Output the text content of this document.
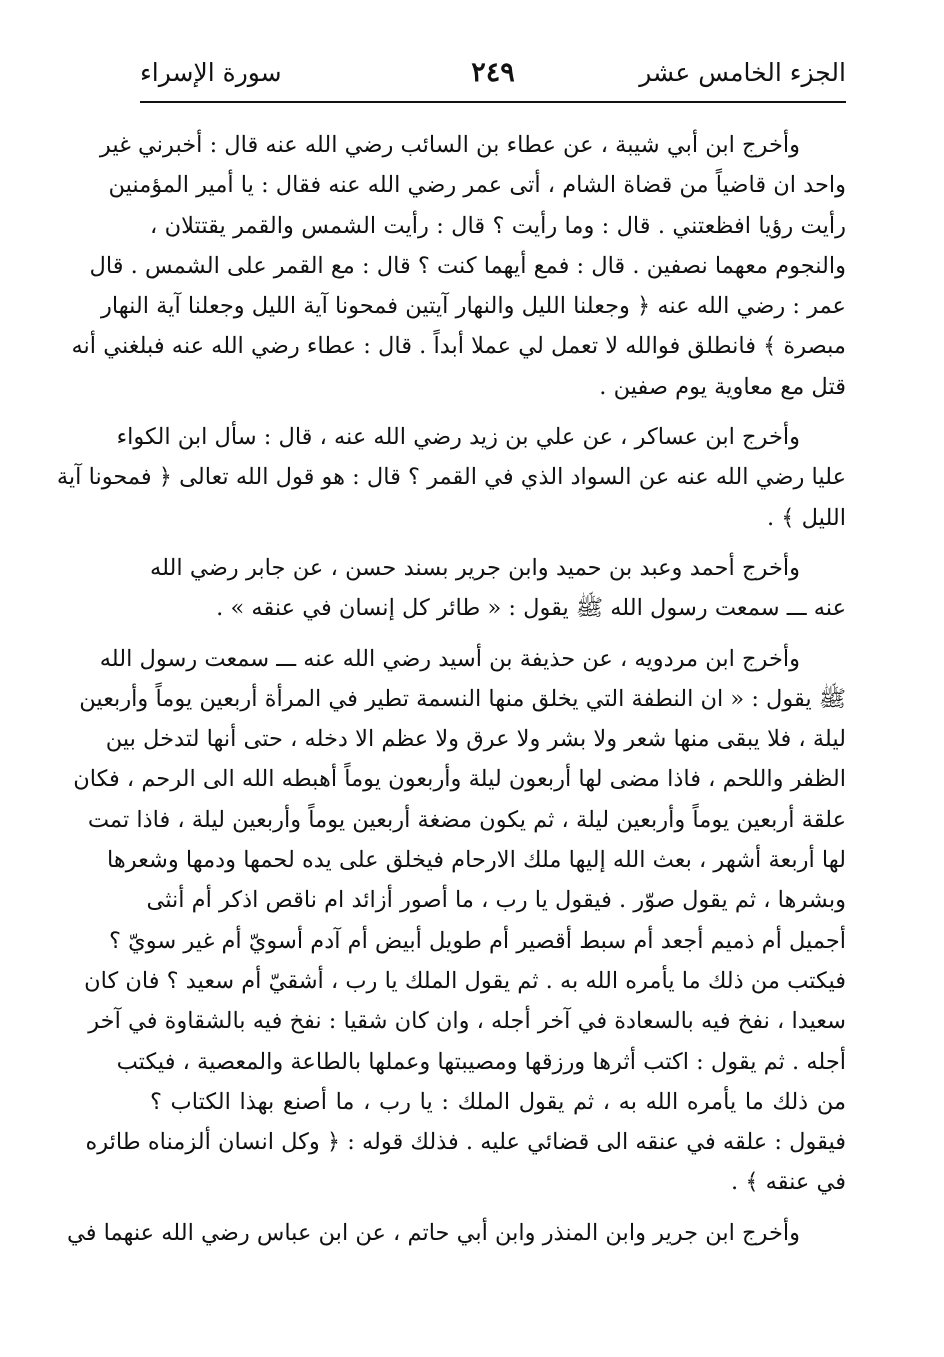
الجزء الخامس عشر
٢٤٩
سورة الإسراء
وأخرج ابن أبي شيبة ، عن عطاء بن السائب رضي الله عنه قال : أخبرني غير
واحد ان قاضياً من قضاة الشام ، أتى عمر رضي الله عنه فقال : يا أمير المؤمنين
رأيت رؤيا افظعتني . قال : وما رأيت ؟ قال : رأيت الشمس والقمر يقتتلان ،
والنجوم معهما نصفين . قال : فمع أيهما كنت ؟ قال : مع القمر على الشمس . قال
عمر : رضي الله عنه ﴿ وجعلنا الليل والنهار آيتين فمحونا آية الليل وجعلنا آية النهار
مبصرة ﴾ فانطلق فوالله لا تعمل لي عملا أبداً . قال : عطاء رضي الله عنه فبلغني أنه
قتل مع معاوية يوم صفين .
وأخرج ابن عساكر ، عن علي بن زيد رضي الله عنه ، قال : سأل ابن الكواء
عليا رضي الله عنه عن السواد الذي في القمر ؟ قال : هو قول الله تعالى ﴿ فمحونا آية
الليل ﴾ .
وأخرج أحمد وعبد بن حميد وابن جرير بسند حسن ، عن جابر رضي الله
عنه ـــ سمعت رسول الله ﷺ يقول : « طائر كل إنسان في عنقه » .
وأخرج ابن مردويه ، عن حذيفة بن أسيد رضي الله عنه ـــ سمعت رسول الله
ﷺ يقول : « ان النطفة التي يخلق منها النسمة تطير في المرأة أربعين يوماً وأربعين
ليلة ، فلا يبقى منها شعر ولا بشر ولا عرق ولا عظم الا دخله ، حتى أنها لتدخل بين
الظفر واللحم ، فاذا مضى لها أربعون ليلة وأربعون يوماً أهبطه الله الى الرحم ، فكان
علقة أربعين يوماً وأربعين ليلة ، ثم يكون مضغة أربعين يوماً وأربعين ليلة ، فاذا تمت
لها أربعة أشهر ، بعث الله إليها ملك الارحام فيخلق على يده لحمها ودمها وشعرها
وبشرها ، ثم يقول صوّر . فيقول يا رب ، ما أصور أزائد ام ناقص اذكر أم أنثى
أجميل أم ذميم أجعد أم سبط أقصير أم طويل أبيض أم آدم أسويّ أم غير سويّ ؟
فيكتب من ذلك ما يأمره الله به . ثم يقول الملك يا رب ، أشقيّ أم سعيد ؟ فان كان
سعيدا ، نفخ فيه بالسعادة في آخر أجله ، وان كان شقيا : نفخ فيه بالشقاوة في آخر
أجله . ثم يقول : اكتب أثرها ورزقها ومصيبتها وعملها بالطاعة والمعصية ، فيكتب
من ذلك ما يأمره الله به ، ثم يقول الملك : يا رب ، ما أصنع بهذا الكتاب ؟
فيقول : علقه في عنقه الى قضائي عليه . فذلك قوله : ﴿ وكل انسان ألزمناه طائره
في عنقه ﴾ .
وأخرج ابن جرير وابن المنذر وابن أبي حاتم ، عن ابن عباس رضي الله عنهما في
